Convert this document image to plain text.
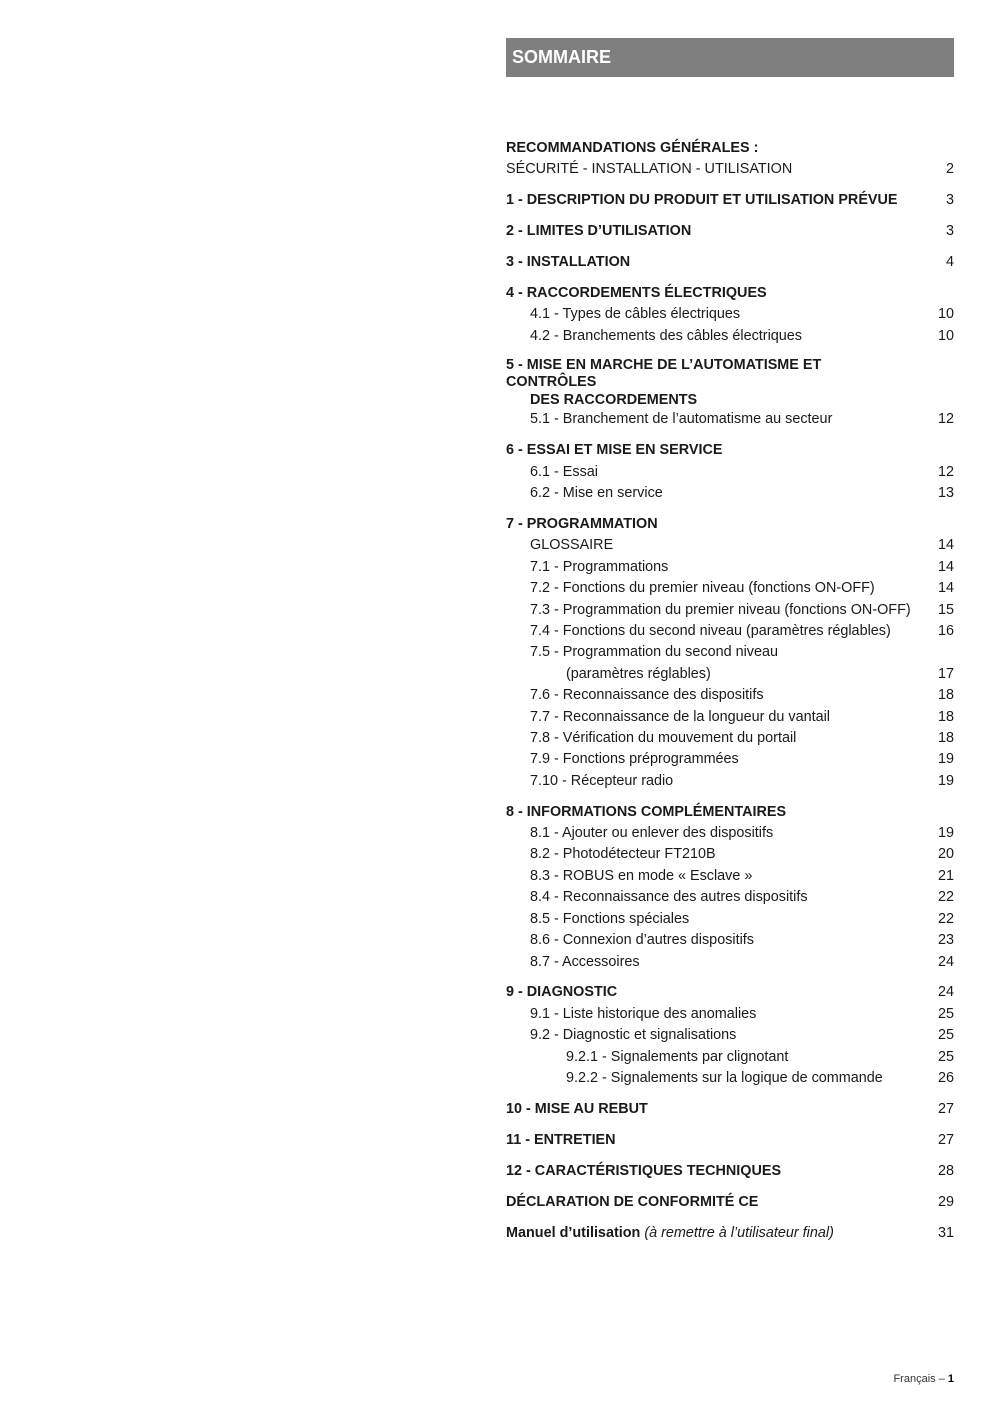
SOMMAIRE
RECOMMANDATIONS GÉNÉRALES :
SÉCURITÉ - INSTALLATION - UTILISATION	2
1 - DESCRIPTION DU PRODUIT ET UTILISATION PRÉVUE	3
2 - LIMITES D’UTILISATION	3
3 - INSTALLATION	4
4 - RACCORDEMENTS ÉLECTRIQUES
4.1 - Types de câbles électriques	10
4.2 - Branchements des câbles électriques	10
5 - MISE EN MARCHE DE L’AUTOMATISME ET CONTRÔLES
DES RACCORDEMENTS
5.1 - Branchement de l’automatisme au secteur	12
6 - ESSAI ET MISE EN SERVICE
6.1 - Essai	12
6.2 - Mise en service	13
7 - PROGRAMMATION
GLOSSAIRE	14
7.1 - Programmations	14
7.2 - Fonctions du premier niveau (fonctions ON-OFF)	14
7.3 - Programmation du premier niveau (fonctions ON-OFF)	15
7.4 - Fonctions du second niveau (paramètres réglables)	16
7.5 - Programmation du second niveau
(paramètres réglables)	17
7.6 - Reconnaissance des dispositifs	18
7.7 - Reconnaissance de la longueur du vantail	18
7.8 - Vérification du mouvement du portail	18
7.9 - Fonctions préprogrammées	19
7.10 - Récepteur radio	19
8 - INFORMATIONS COMPLÉMENTAIRES
8.1 - Ajouter ou enlever des dispositifs	19
8.2 - Photodétecteur FT210B	20
8.3 - ROBUS en mode « Esclave »	21
8.4 - Reconnaissance des autres dispositifs	22
8.5 - Fonctions spéciales	22
8.6 - Connexion d’autres dispositifs	23
8.7 - Accessoires	24
9 - DIAGNOSTIC	24
9.1 - Liste historique des anomalies	25
9.2 - Diagnostic et signalisations	25
9.2.1 - Signalements par clignotant	25
9.2.2 - Signalements sur la logique de commande	26
10 - MISE AU REBUT	27
11 - ENTRETIEN	27
12 - CARACTÉRISTIQUES TECHNIQUES	28
DÉCLARATION DE CONFORMITÉ CE	29
Manuel d’utilisation (à remettre à l’utilisateur final)	31
Français – 1
